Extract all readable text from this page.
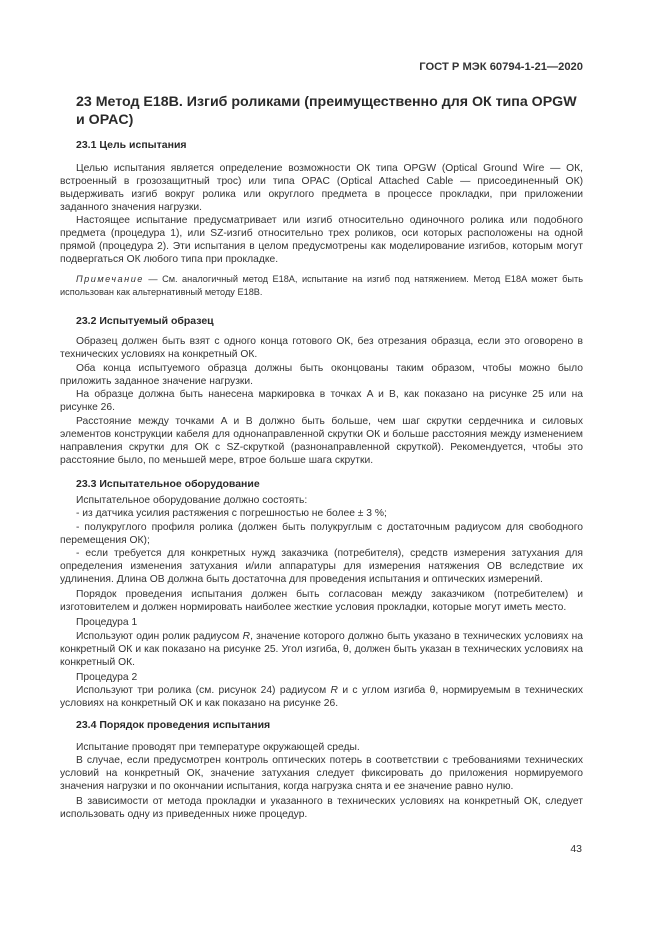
ГОСТ Р МЭК 60794-1-21—2020
23 Метод E18B. Изгиб роликами (преимущественно для ОК типа OPGW и OPAC)
23.1 Цель испытания
Целью испытания является определение возможности ОК типа OPGW (Optical Ground Wire — ОК, встроенный в грозозащитный трос) или типа OPAC (Optical Attached Cable — присоединенный ОК) выдерживать изгиб вокруг ролика или округлого предмета в процессе прокладки, при приложении заданного значения нагрузки.
Настоящее испытание предусматривает или изгиб относительно одиночного ролика или подобного предмета (процедура 1), или SZ-изгиб относительно трех роликов, оси которых расположены на одной прямой (процедура 2). Эти испытания в целом предусмотрены как моделирование изгибов, которым могут подвергаться ОК любого типа при прокладке.
Примечание — См. аналогичный метод E18A, испытание на изгиб под натяжением. Метод E18A может быть использован как альтернативный методу E18B.
23.2 Испытуемый образец
Образец должен быть взят с одного конца готового ОК, без отрезания образца, если это оговорено в технических условиях на конкретный ОК.
Оба конца испытуемого образца должны быть оконцованы таким образом, чтобы можно было приложить заданное значение нагрузки.
На образце должна быть нанесена маркировка в точках A и B, как показано на рисунке 25 или на рисунке 26.
Расстояние между точками A и B должно быть больше, чем шаг скрутки сердечника и силовых элементов конструкции кабеля для однонаправленной скрутки ОК и больше расстояния между изменением направления скрутки для ОК с SZ-скруткой (разнонаправленной скруткой). Рекомендуется, чтобы это расстояние было, по меньшей мере, втрое больше шага скрутки.
23.3 Испытательное оборудование
Испытательное оборудование должно состоять:
- из датчика усилия растяжения с погрешностью не более ± 3 %;
- полукруглого профиля ролика (должен быть полукруглым с достаточным радиусом для свободного перемещения ОК);
- если требуется для конкретных нужд заказчика (потребителя), средств измерения затухания для определения изменения затухания и/или аппаратуры для измерения натяжения ОВ вследствие их удлинения. Длина ОВ должна быть достаточна для проведения испытания и оптических измерений.
Порядок проведения испытания должен быть согласован между заказчиком (потребителем) и изготовителем и должен нормировать наиболее жесткие условия прокладки, которые могут иметь место.
Процедура 1
Используют один ролик радиусом R, значение которого должно быть указано в технических условиях на конкретный ОК и как показано на рисунке 25. Угол изгиба, θ, должен быть указан в технических условиях на конкретный ОК.
Процедура 2
Используют три ролика (см. рисунок 24) радиусом R и с углом изгиба θ, нормируемым в технических условиях на конкретный ОК и как показано на рисунке 26.
23.4 Порядок проведения испытания
Испытание проводят при температуре окружающей среды.
В случае, если предусмотрен контроль оптических потерь в соответствии с требованиями технических условий на конкретный ОК, значение затухания следует фиксировать до приложения нормируемого значения нагрузки и по окончании испытания, когда нагрузка снята и ее значение равно нулю.
В зависимости от метода прокладки и указанного в технических условиях на конкретный ОК, следует использовать одну из приведенных ниже процедур.
43
